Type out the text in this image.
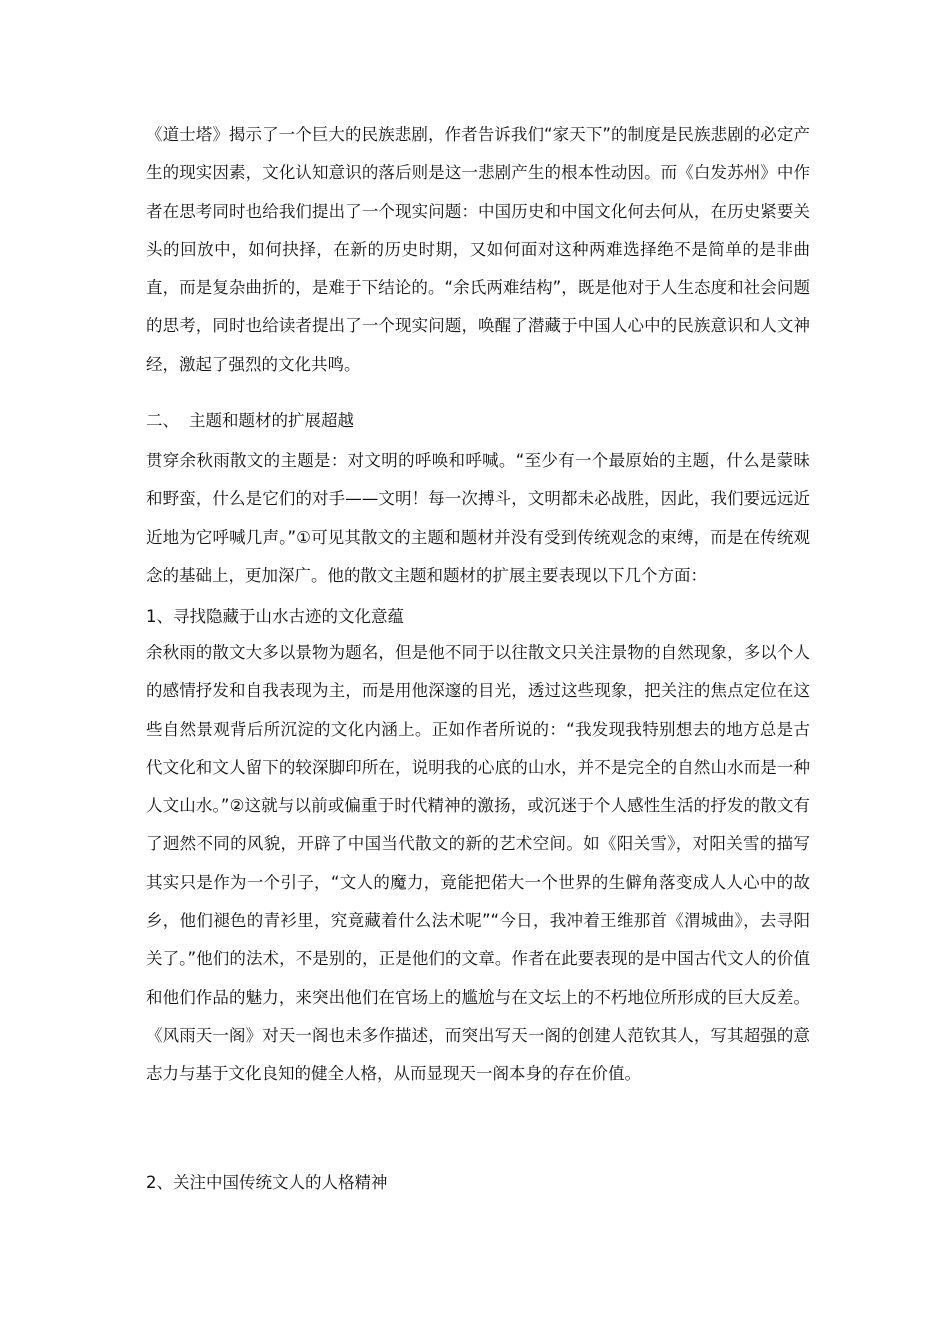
《道士塔》揭示了一个巨大的民族悲剧，作者告诉我们“家天下”的制度是民族悲剧的必定产生的现实因素，文化认知意识的落后则是这一悲剧产生的根本性动因。而《白发苏州》中作者在思考同时也给我们提出了一个现实问题：中国历史和中国文化何去何从，在历史紧要关头的回放中，如何抉择，在新的历史时期，又如何面对这种两难选择绝不是简单的是非曲直，而是复杂曲折的，是难于下结论的。“余氏两难结构”，既是他对于人生态度和社会问题的思考，同时也给读者提出了一个现实问题，唤醒了潜藏于中国人心中的民族意识和人文神经，激起了强烈的文化共鸣。

二、 主题和题材的扩展超越

贯穿余秋雨散文的主题是：对文明的呼唤和呼喊。“至少有一个最原始的主题，什么是蒙昧和野蛮，什么是它们的对手——文明！每一次搏斗，文明都未必战胜，因此，我们要远远近近地为它呼喊几声。”①可见其散文的主题和题材并没有受到传统观念的束缚，而是在传统观念的基础上，更加深广。他的散文主题和题材的扩展主要表现以下几个方面：

1、寻找隐藏于山水古迹的文化意蕴

余秋雨的散文大多以景物为题名，但是他不同于以往散文只关注景物的自然现象，多以个人的感情抒发和自我表现为主，而是用他深邃的目光，透过这些现象，把关注的焦点定位在这些自然景观背后所沉淀的文化内涵上。正如作者所说的：“我发现我特别想去的地方总是古代文化和文人留下的较深脚印所在，说明我的心底的山水，并不是完全的自然山水而是一种人文山水。”②这就与以前或偏重于时代精神的激扬，或沉迷于个人感性生活的抒发的散文有了迥然不同的风貌，开辟了中国当代散文的新的艺术空间。如《阳关雪》，对阳关雪的描写其实只是作为一个引子，“文人的魔力，竟能把偌大一个世界的生僻角落变成人人心中的故乡，他们褪色的青衫里，究竟藏着什么法术呢”“今日，我冲着王维那首《渭城曲》，去寻阳关了。”他们的法术，不是别的，正是他们的文章。作者在此要表现的是中国古代文人的价值和他们作品的魅力，来突出他们在官场上的尴尬与在文坛上的不朽地位所形成的巨大反差。《风雨天一阁》对天一阁也未多作描述，而突出写天一阁的创建人范钦其人，写其超强的意志力与基于文化良知的健全人格，从而显现天一阁本身的存在价值。

2、关注中国传统文人的人格精神
